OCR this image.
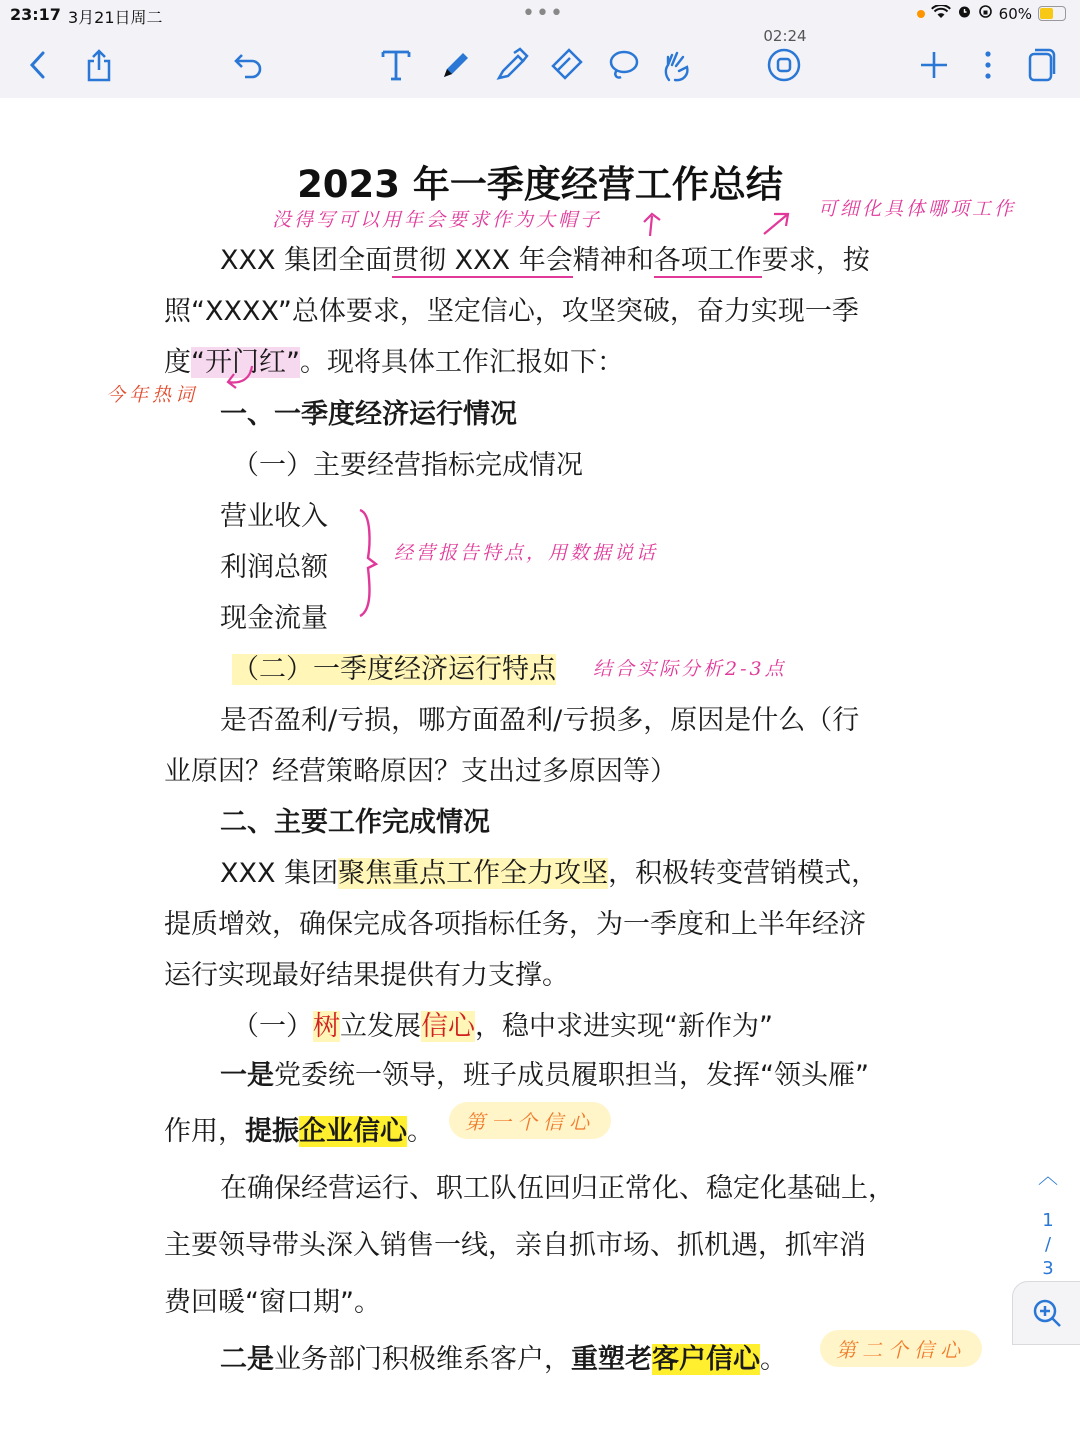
23:17 3月21日周二	•••	60%
02:24
2023 年一季度经营工作总结
XXX 集团全面贯彻 XXX 年会精神和各项工作要求，按
照“XXXX”总体要求，坚定信心，攻坚突破，奋力实现一季
度“开门红”。现将具体工作汇报如下：
一、一季度经济运行情况
（一）主要经营指标完成情况
营业收入
利润总额
现金流量
（二）一季度经济运行特点
是否盈利/亏损，哪方面盈利/亏损多，原因是什么（行
业原因？经营策略原因？支出过多原因等）
二、主要工作完成情况
XXX 集团聚焦重点工作全力攻坚，积极转变营销模式，
提质增效，确保完成各项指标任务，为一季度和上半年经济
运行实现最好结果提供有力支撑。
（一）树立发展信心，稳中求进实现“新作为”
一是党委统一领导，班子成员履职担当，发挥“领头雁”
作用，提振企业信心。
在确保经营运行、职工队伍回归正常化、稳定化基础上，
主要领导带头深入销售一线，亲自抓市场、抓机遇，抓牢消
费回暖“窗口期”。
二是业务部门积极维系客户，重塑老客户信心。
没得写可以用年会要求作为大帽子	可细化具体哪项工作
今年热词
经营报告特点，用数据说话
结合实际分析2-3点
第一个信心
第二个信心
︿
1
/
3
